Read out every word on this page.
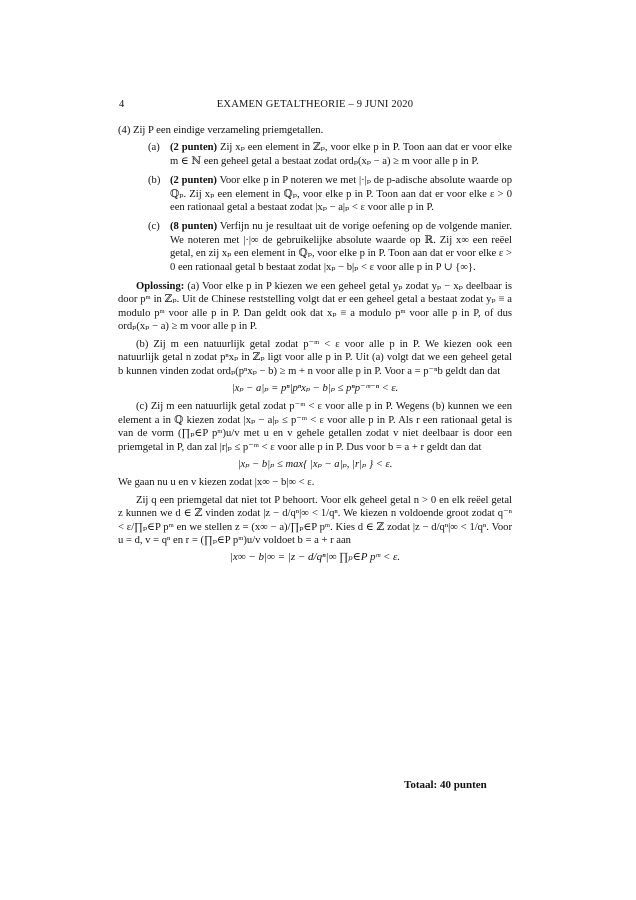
4	EXAMEN GETALTHEORIE – 9 JUNI 2020
(4) Zij P een eindige verzameling priemgetallen.
(a) (2 punten) Zij xₚ een element in ℤₚ, voor elke p in P. Toon aan dat er voor elke m ∈ ℕ een geheel getal a bestaat zodat ordₚ(xₚ − a) ≥ m voor alle p in P.
(b) (2 punten) Voor elke p in P noteren we met |·|ₚ de p-adische absolute waarde op ℚₚ. Zij xₚ een element in ℚₚ, voor elke p in P. Toon aan dat er voor elke ε > 0 een rationaal getal a bestaat zodat |xₚ − a|ₚ < ε voor alle p in P.
(c) (8 punten) Verfijn nu je resultaat uit de vorige oefening op de volgende manier. We noteren met |·|∞ de gebruikelijke absolute waarde op ℝ. Zij x∞ een reëel getal, en zij xₚ een element in ℚₚ, voor elke p in P. Toon aan dat er voor elke ε > 0 een rationaal getal b bestaat zodat |xₚ − b|ₚ < ε voor alle p in P ∪ {∞}.

Oplossing: (a) Voor elke p in P kiezen we een geheel getal yₚ zodat yₚ − xₚ deelbaar is door pᵐ in ℤₚ. Uit de Chinese reststelling volgt dat er een geheel getal a bestaat zodat yₚ ≡ a modulo pᵐ voor alle p in P. Dan geldt ook dat xₚ ≡ a modulo pᵐ voor alle p in P, of dus ordₚ(xₚ − a) ≥ m voor alle p in P.

(b) Zij m een natuurlijk getal zodat p⁻ᵐ < ε voor alle p in P. We kiezen ook een natuurlijk getal n zodat pⁿxₚ in ℤₚ ligt voor alle p in P. Uit (a) volgt dat we een geheel getal b kunnen vinden zodat ordₚ(pⁿxₚ − b) ≥ m + n voor alle p in P. Voor a = p⁻ⁿb geldt dan dat

|xₚ − a|ₚ = pⁿ|pⁿxₚ − b|ₚ ≤ pⁿp⁻ᵐ⁻ⁿ < ε.

(c) Zij m een natuurlijk getal zodat p⁻ᵐ < ε voor alle p in P. Wegens (b) kunnen we een element a in ℚ kiezen zodat |xₚ − a|ₚ ≤ p⁻ᵐ < ε voor alle p in P. Als r een rationaal getal is van de vorm (∏ₚ∈P pᵐ)u/v met u en v gehele getallen zodat v niet deelbaar is door een priemgetal in P, dan zal |r|ₚ ≤ p⁻ᵐ < ε voor alle p in P. Dus voor b = a + r geldt dan dat

|xₚ − b|ₚ ≤ max{ |xₚ − a|ₚ, |r|ₚ } < ε.

We gaan nu u en v kiezen zodat |x∞ − b|∞ < ε.

Zij q een priemgetal dat niet tot P behoort. Voor elk geheel getal n > 0 en elk reëel getal z kunnen we d ∈ ℤ vinden zodat |z − d/qⁿ|∞ < 1/qⁿ. We kiezen n voldoende groot zodat q⁻ⁿ < ε/∏ₚ∈P pᵐ en we stellen z = (x∞ − a)/∏ₚ∈P pᵐ. Kies d ∈ ℤ zodat |z − d/qⁿ|∞ < 1/qⁿ. Voor u = d, v = qⁿ en r = (∏ₚ∈P pᵐ)u/v voldoet b = a + r aan

|x∞ − b|∞ = |z − d/qⁿ|∞ ∏ₚ∈P pᵐ < ε.
Totaal: 40 punten
